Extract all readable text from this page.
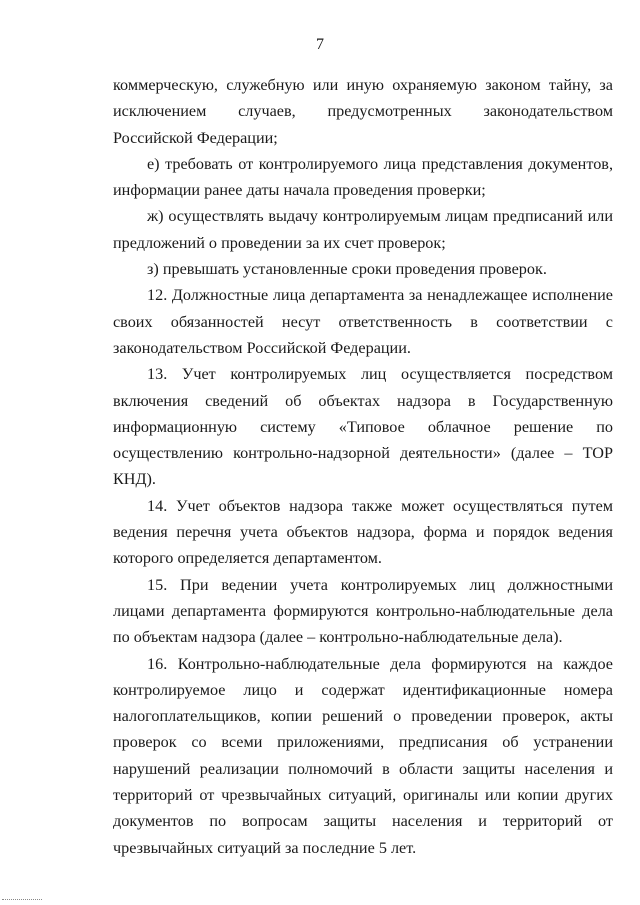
7

коммерческую, служебную или иную охраняемую законом тайну, за исключением случаев, предусмотренных законодательством Российской Федерации;

е) требовать от контролируемого лица представления документов, информации ранее даты начала проведения проверки;

ж) осуществлять выдачу контролируемым лицам предписаний или предложений о проведении за их счет проверок;

з) превышать установленные сроки проведения проверок.

12. Должностные лица департамента за ненадлежащее исполнение своих обязанностей несут ответственность в соответствии с законодательством Российской Федерации.

13. Учет контролируемых лиц осуществляется посредством включения сведений об объектах надзора в Государственную информационную систему «Типовое облачное решение по осуществлению контрольно-надзорной деятельности» (далее – ТОР КНД).

14. Учет объектов надзора также может осуществляться путем ведения перечня учета объектов надзора, форма и порядок ведения которого определяется департаментом.

15. При ведении учета контролируемых лиц должностными лицами департамента формируются контрольно-наблюдательные дела по объектам надзора (далее – контрольно-наблюдательные дела).

16. Контрольно-наблюдательные дела формируются на каждое контролируемое лицо и содержат идентификационные номера налогоплательщиков, копии решений о проведении проверок, акты проверок со всеми приложениями, предписания об устранении нарушений реализации полномочий в области защиты населения и территорий от чрезвычайных ситуаций, оригиналы или копии других документов по вопросам защиты населения и территорий от чрезвычайных ситуаций за последние 5 лет.
